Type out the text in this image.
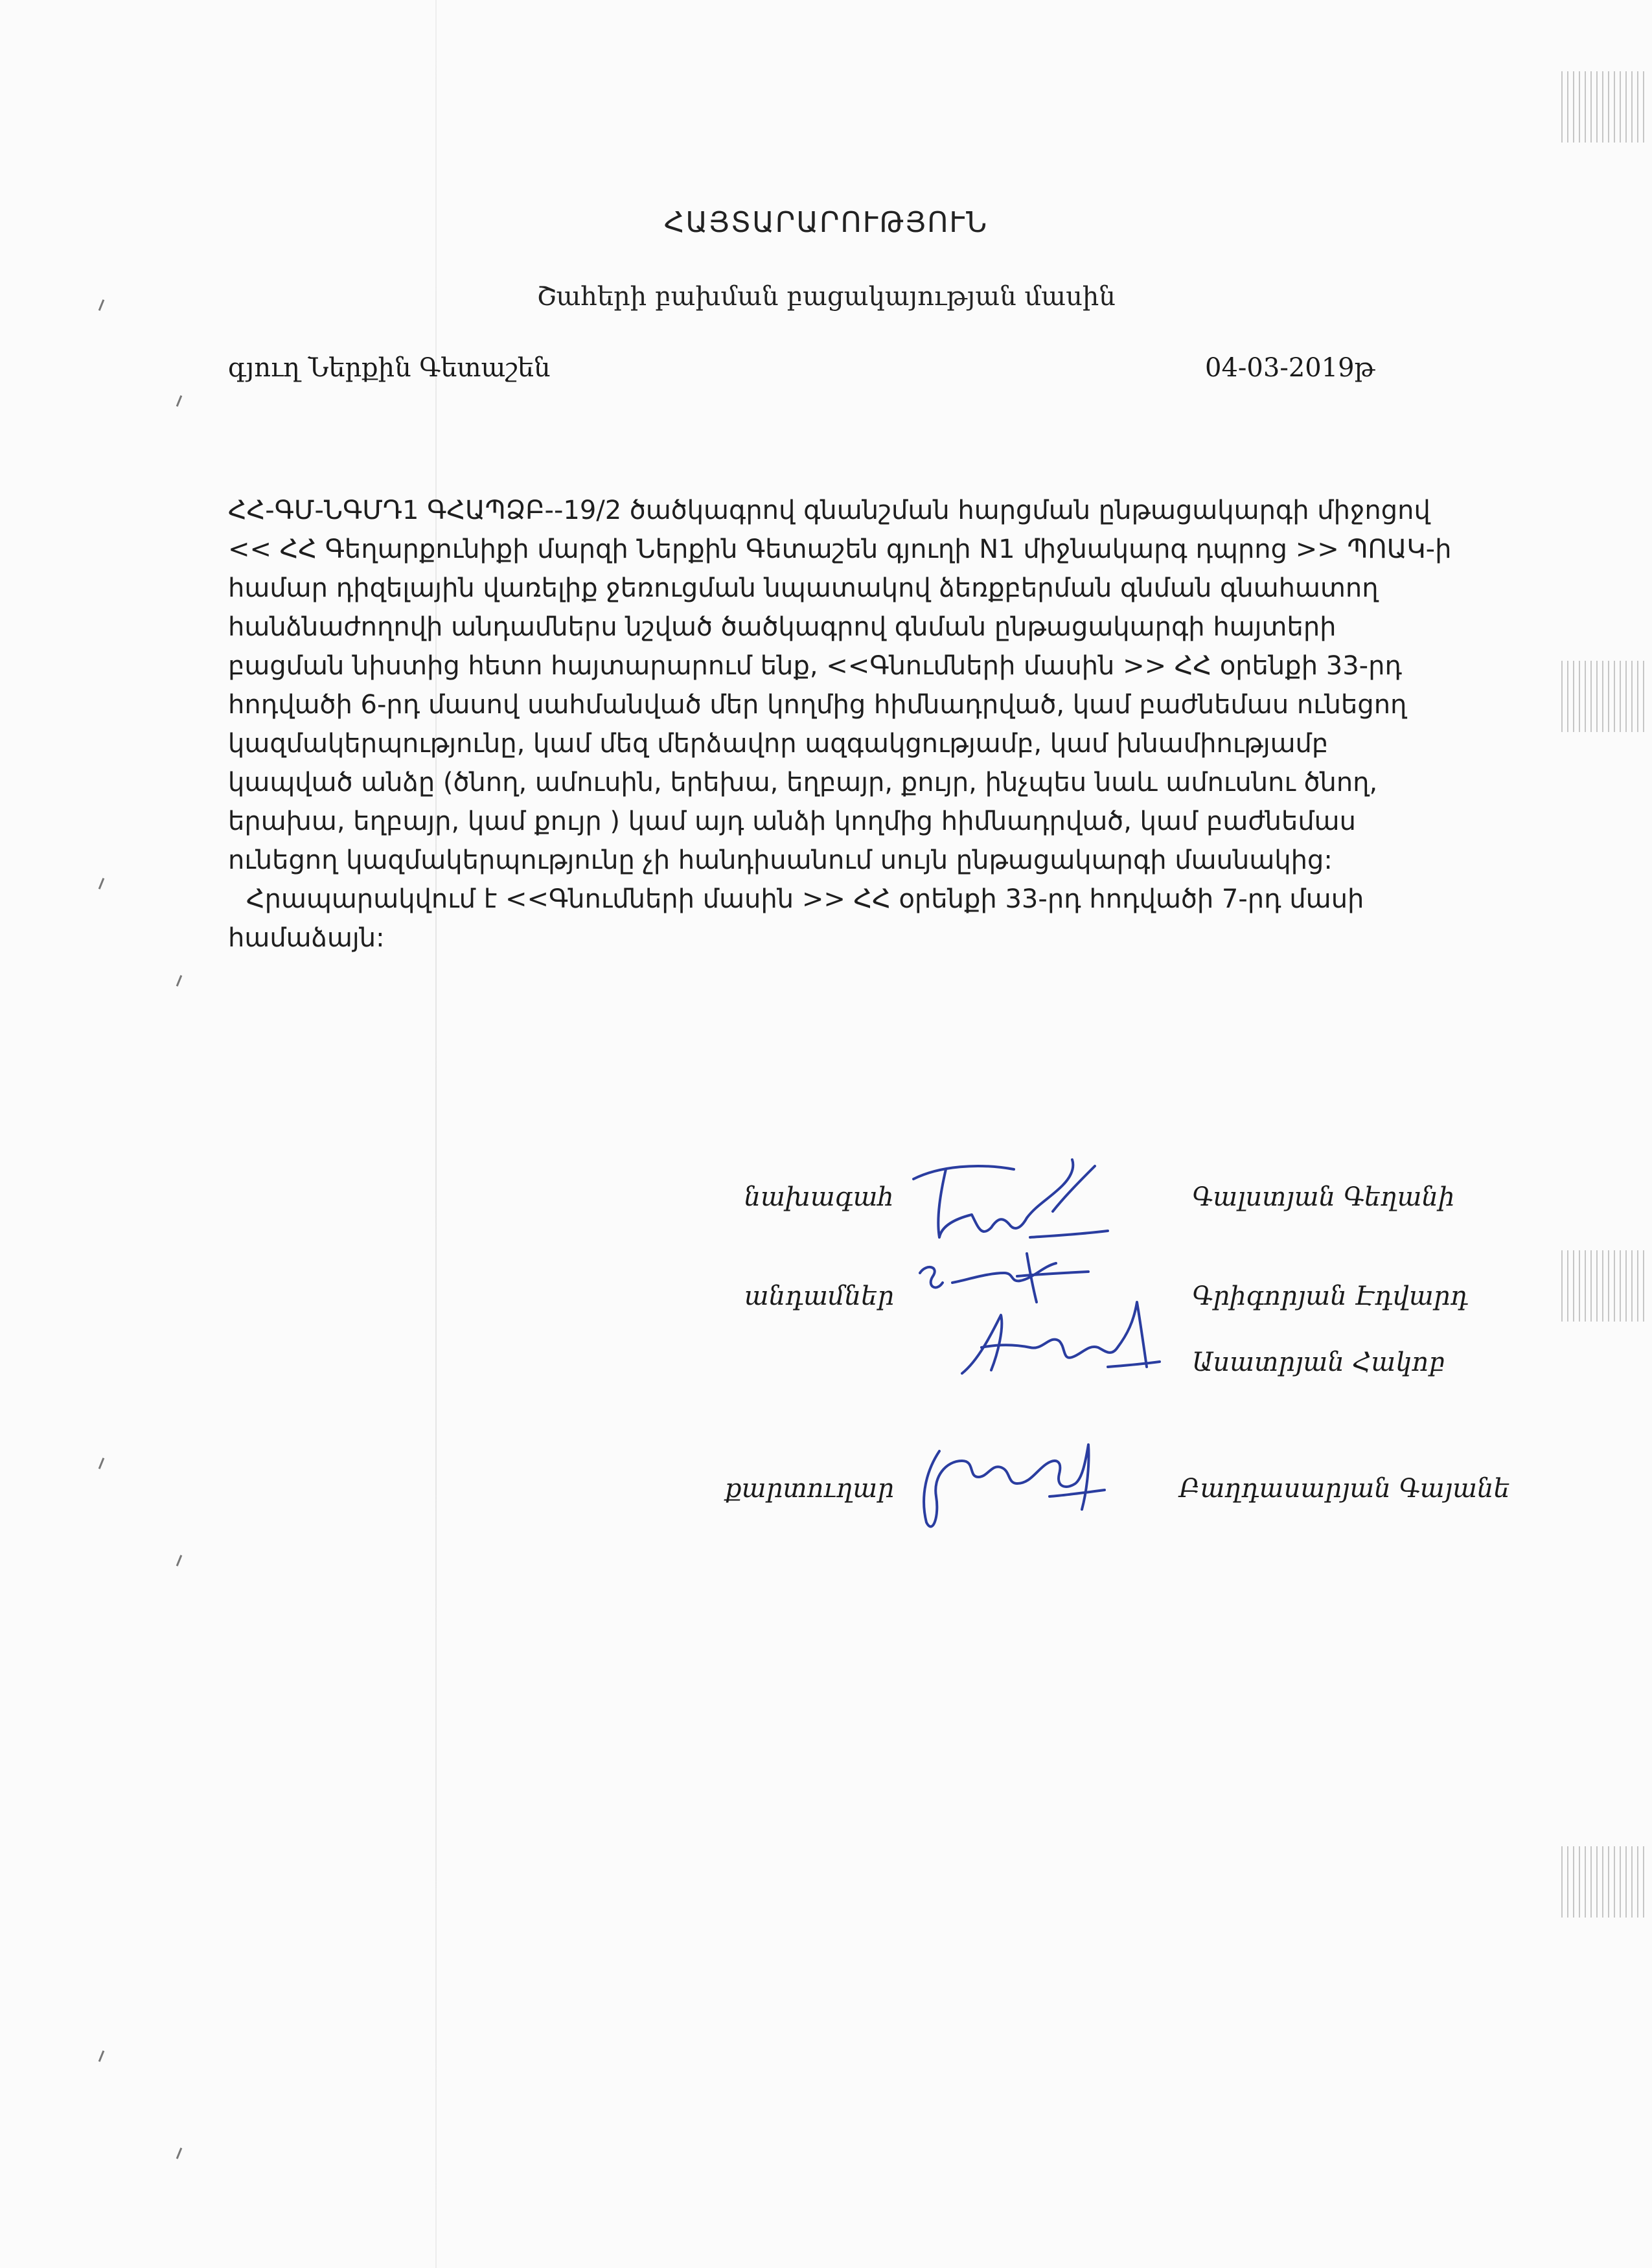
ՀԱՅՏԱՐԱՐՈՒԹՅՈՒՆ
Շահերի բախման բացակայության մասին
գյուղ Ներքին Գետաշեն	04-03-2019թ

ՀՀ-ԳՄ-ՆԳՄԴ1 ԳՀԱՊՁԲ--19/2 ծածկագրով գնանշման հարցման ընթացակարգի միջոցով << ՀՀ Գեղարքունիքի մարզի Ներքին Գետաշեն գյուղի N1 միջնակարգ դպրոց >> ՊՈԱԿ-ի համար դիզելային վառելիք ջեռուցման նպատակով ձեռքբերման գնման գնահատող հանձնաժողովի անդամներս նշված ծածկագրով գնման ընթացակարգի հայտերի բացման նիստից հետո հայտարարում ենք, <<Գնումների մասին >> ՀՀ օրենքի 33-րդ հոդվածի 6-րդ մասով սահմանված մեր կողմից հիմնադրված, կամ բաժնեմաս ունեցող կազմակերպությունը, կամ մեզ մերձավոր ազգակցությամբ, կամ խնամիությամբ կապված անձը (ծնող, ամուսին, երեխա, եղբայր, քույր, ինչպես նաև ամուսնու ծնող, երախա, եղբայր, կամ քույր ) կամ այդ անձի կողմից հիմնադրված, կամ բաժնեմաս ունեցող կազմակերպությունը չի հանդիսանում սույն ընթացակարգի մասնակից:

Հրապարակվում է <<Գնումների մասին >> ՀՀ օրենքի 33-րդ հոդվածի 7-րդ մասի համաձայն:

նախագահ	Գալստյան Գեղանի
անդամներ	Գրիգորյան Էդվարդ
Ասատրյան Հակոբ
քարտուղար	Բաղդասարյան Գայանե
